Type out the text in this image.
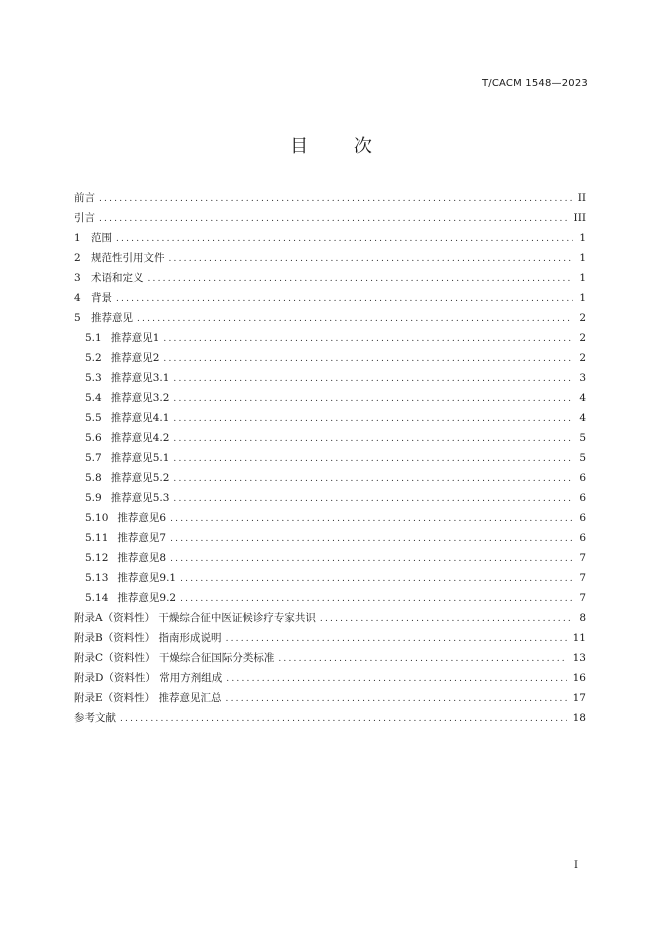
T/CACM 1548—2023
目 次
前言 .....	II
引言 .....	III
1 范围 .....	1
2 规范性引用文件 .....	1
3 术语和定义 .....	1
4 背景 .....	1
5 推荐意见 .....	2
5.1 推荐意见1 .....	2
5.2 推荐意见2 .....	2
5.3 推荐意见3.1 .....	3
5.4 推荐意见3.2 .....	4
5.5 推荐意见4.1 .....	4
5.6 推荐意见4.2 .....	5
5.7 推荐意见5.1 .....	5
5.8 推荐意见5.2 .....	6
5.9 推荐意见5.3 .....	6
5.10 推荐意见6 .....	6
5.11 推荐意见7 .....	6
5.12 推荐意见8 .....	7
5.13 推荐意见9.1 .....	7
5.14 推荐意见9.2 .....	7
附录A（资料性） 干燥综合征中医证候诊疗专家共识 .....	8
附录B（资料性） 指南形成说明 .....	11
附录C（资料性） 干燥综合征国际分类标准 .....	13
附录D（资料性） 常用方剂组成 .....	16
附录E（资料性） 推荐意见汇总 .....	17
参考文献 .....	18
I
